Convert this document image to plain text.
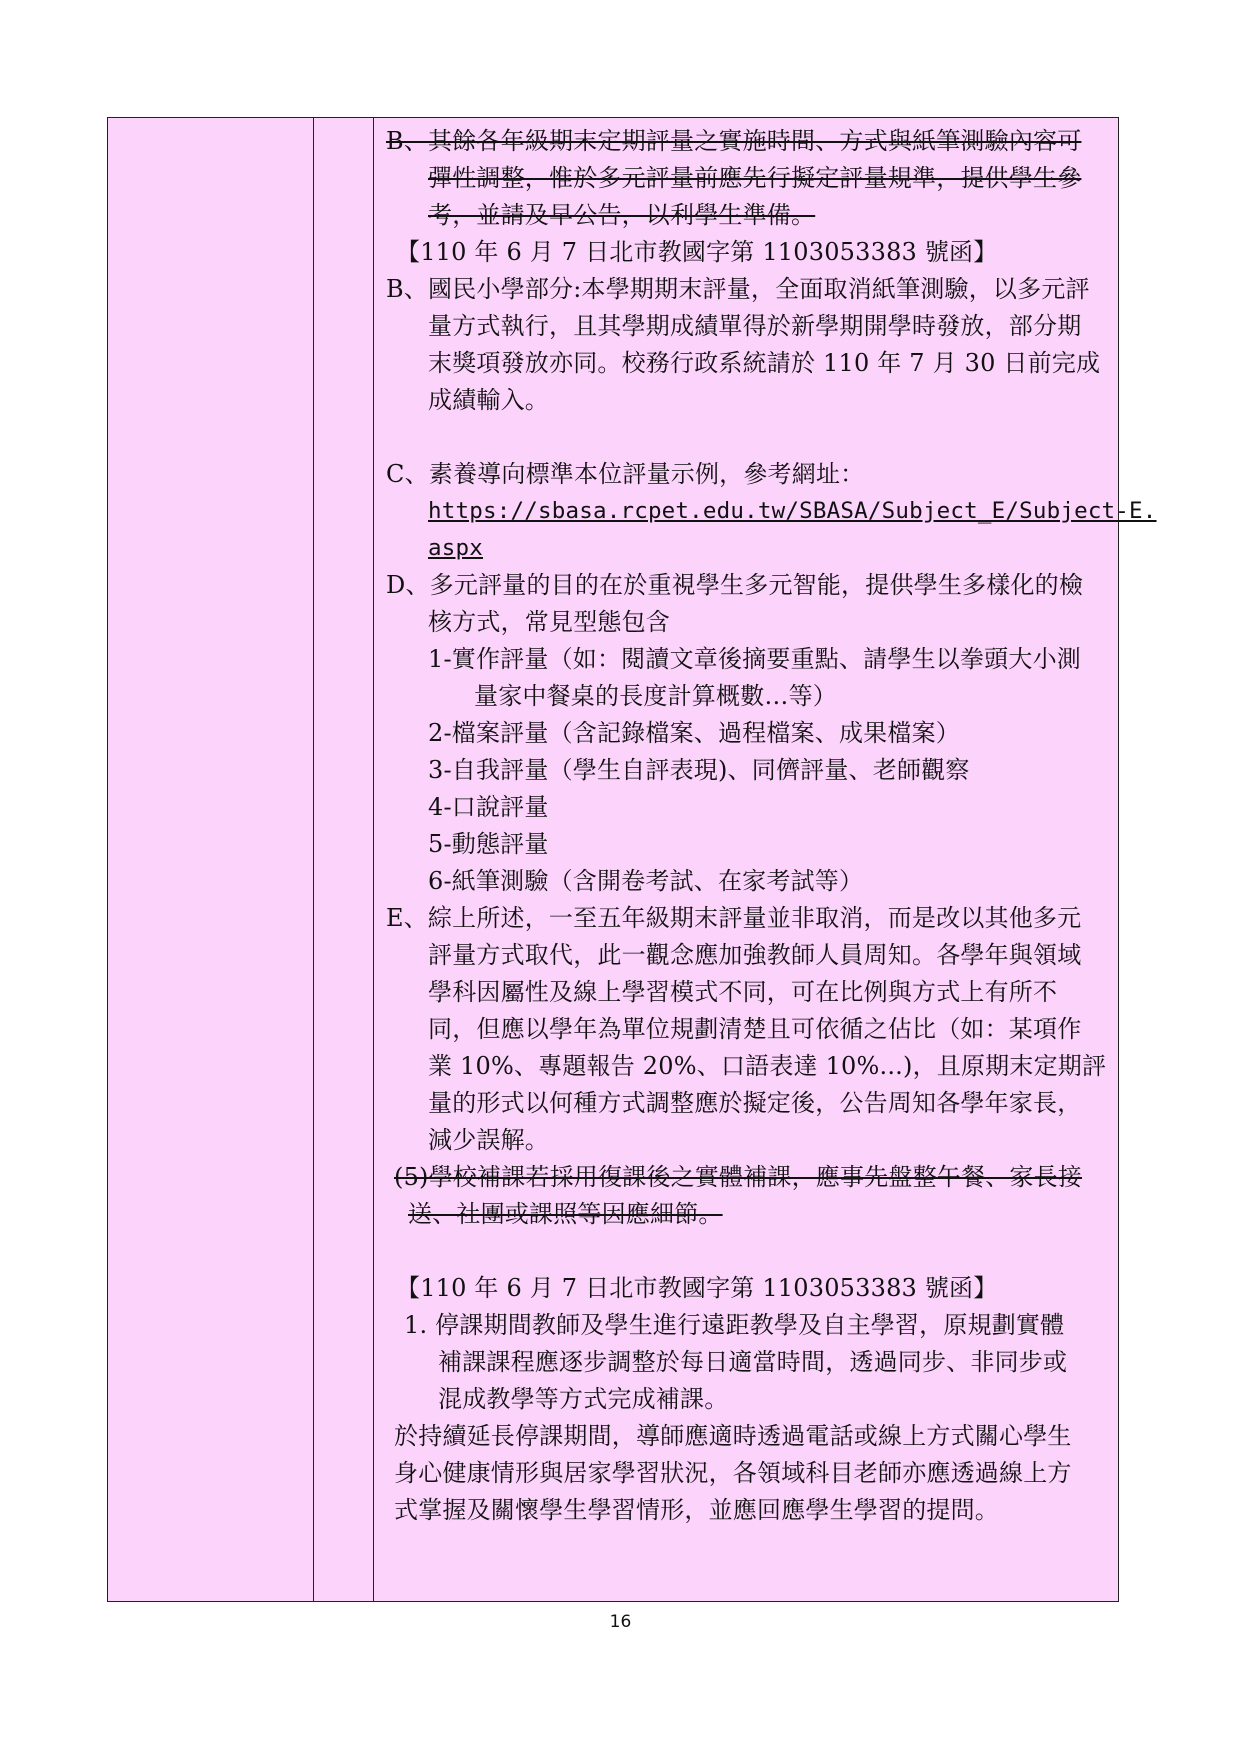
B、其餘各年級期末定期評量之實施時間、方式與紙筆測驗內容可
彈性調整，惟於多元評量前應先行擬定評量規準，提供學生參
考，並請及早公告，以利學生準備。
【110 年 6 月 7 日北市教國字第 1103053383 號函】
B、國民小學部分:本學期期末評量，全面取消紙筆測驗，以多元評
量方式執行，且其學期成績單得於新學期開學時發放，部分期
末獎項發放亦同。校務行政系統請於 110 年 7 月 30 日前完成
成績輸入。
C、素養導向標準本位評量示例，參考網址：
https://sbasa.rcpet.edu.tw/SBASA/Subject_E/Subject-E.
aspx
D、多元評量的目的在於重視學生多元智能，提供學生多樣化的檢
核方式，常見型態包含
1-實作評量（如：閱讀文章後摘要重點、請學生以拳頭大小測
量家中餐桌的長度計算概數…等）
2-檔案評量（含記錄檔案、過程檔案、成果檔案）
3-自我評量（學生自評表現)、同儕評量、老師觀察
4-口說評量
5-動態評量
6-紙筆測驗（含開卷考試、在家考試等）
E、綜上所述，一至五年級期末評量並非取消，而是改以其他多元
評量方式取代，此一觀念應加強教師人員周知。各學年與領域
學科因屬性及線上學習模式不同，可在比例與方式上有所不
同，但應以學年為單位規劃清楚且可依循之佔比（如：某項作
業 10%、專題報告 20%、口語表達 10%...)，且原期末定期評
量的形式以何種方式調整應於擬定後，公告周知各學年家長，
減少誤解。
(5)學校補課若採用復課後之實體補課，應事先盤整午餐、家長接
送、社團或課照等因應細節。
【110 年 6 月 7 日北市教國字第 1103053383 號函】
1. 停課期間教師及學生進行遠距教學及自主學習，原規劃實體
補課課程應逐步調整於每日適當時間，透過同步、非同步或
混成教學等方式完成補課。
於持續延長停課期間，導師應適時透過電話或線上方式關心學生
身心健康情形與居家學習狀況，各領域科目老師亦應透過線上方
式掌握及關懷學生學習情形，並應回應學生學習的提問。
16
